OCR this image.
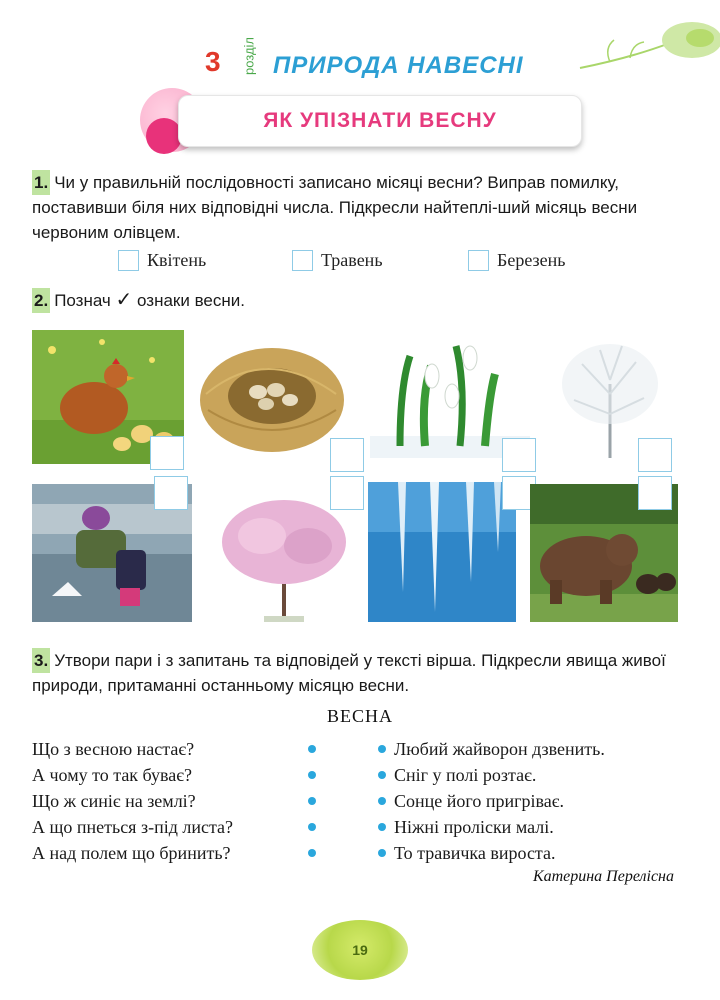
3 розділ ПРИРОДА НАВЕСНІ
ЯК УПІЗНАТИ ВЕСНУ
1. Чи у правильній послідовності записано місяці весни? Виправ помилку, поставивши біля них відповідні числа. Підкресли найтеплі-ший місяць весни червоним олівцем.
Квітень	Травень	Березень
2. Познач ✓ ознаки весни.
3. Утвори пари і з запитань та відповідей у тексті вірша. Підкресли явища живої природи, притаманні останньому місяцю весни.
ВЕСНА
Що з весною настає?
А чому то так буває?
Що ж синіє на землі?
А що пнеться з-під листа?
А над полем що бринить?
Любий жайворон дзвенить.
Сніг у полі розтає.
Сонце його пригріває.
Ніжні проліски малі.
То травичка вироста.
Катерина Перелісна
19
